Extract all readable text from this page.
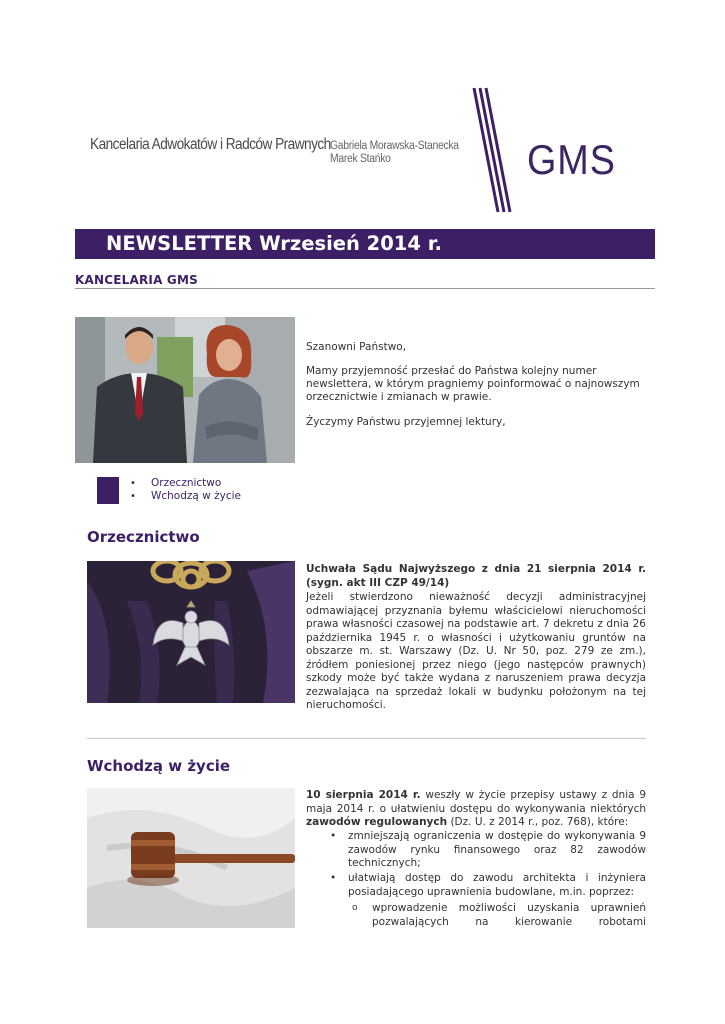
Kancelaria Adwokatów i Radców Prawnych Gabriela Morawska-Stanecka
Marek Stańko	GMS
NEWSLETTER Wrzesień 2014 r.
KANCELARIA GMS
Szanowni Państwo,
Mamy przyjemność przesłać do Państwa kolejny numer newslettera, w którym pragniemy poinformować o najnowszym orzecznictwie i zmianach w prawie.
Życzymy Państwu przyjemnej lektury,
• Orzecznictwo
• Wchodzą w życie
Orzecznictwo
Uchwała Sądu Najwyższego z dnia 21 sierpnia 2014 r. (sygn. akt III CZP 49/14)
Jeżeli stwierdzono nieważność decyzji administracyjnej odmawiającej przyznania byłemu właścicielowi nieruchomości prawa własności czasowej na podstawie art. 7 dekretu z dnia 26 października 1945 r. o własności i użytkowaniu gruntów na obszarze m. st. Warszawy (Dz. U. Nr 50, poz. 279 ze zm.), źródłem poniesionej przez niego (jego następców prawnych) szkody może być także wydana z naruszeniem prawa decyzja zezwalająca na sprzedaż lokali w budynku położonym na tej nieruchomości.
Wchodzą w życie
10 sierpnia 2014 r. weszły w życie przepisy ustawy z dnia 9 maja 2014 r. o ułatwieniu dostępu do wykonywania niektórych zawodów regulowanych (Dz. U. z 2014 r., poz. 768), które:
• zmniejszają ograniczenia w dostępie do wykonywania 9 zawodów rynku finansowego oraz 82 zawodów technicznych;
• ułatwiają dostęp do zawodu architekta i inżyniera posiadającego uprawnienia budowlane, m.in. poprzez:
o wprowadzenie możliwości uzyskania uprawnień pozwalających na kierowanie robotami
